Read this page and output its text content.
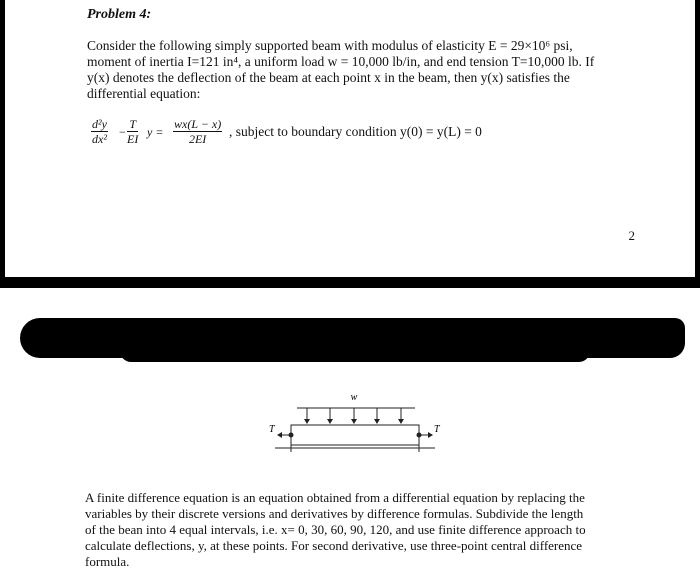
Problem 4:

Consider the following simply supported beam with modulus of elasticity E = 29×10⁶ psi,

moment of inertia I=121 in⁴, a uniform load w = 10,000 lb/in, and end tension T=10,000 lb. If

y(x) denotes the deflection of the beam at each point x in the beam, then y(x) satisfies the

differential equation:

$\frac{\text{d²y}}{\text{dx²}} - \frac{T}{EI}$ $y = \frac{wx(L - x)}{2EI}$ , subject to boundary condition y(0) = y(L) = 0
2
w
T	T

A finite difference equation is an equation obtained from a differential equation by replacing the

variables by their discrete versions and derivatives by difference formulas. Subdivide the length

of the bean into 4 equal intervals, i.e. x= 0, 30, 60, 90, 120, and use finite difference approach to

calculate deflections, y, at these points. For second derivative, use three-point central difference

formula.
